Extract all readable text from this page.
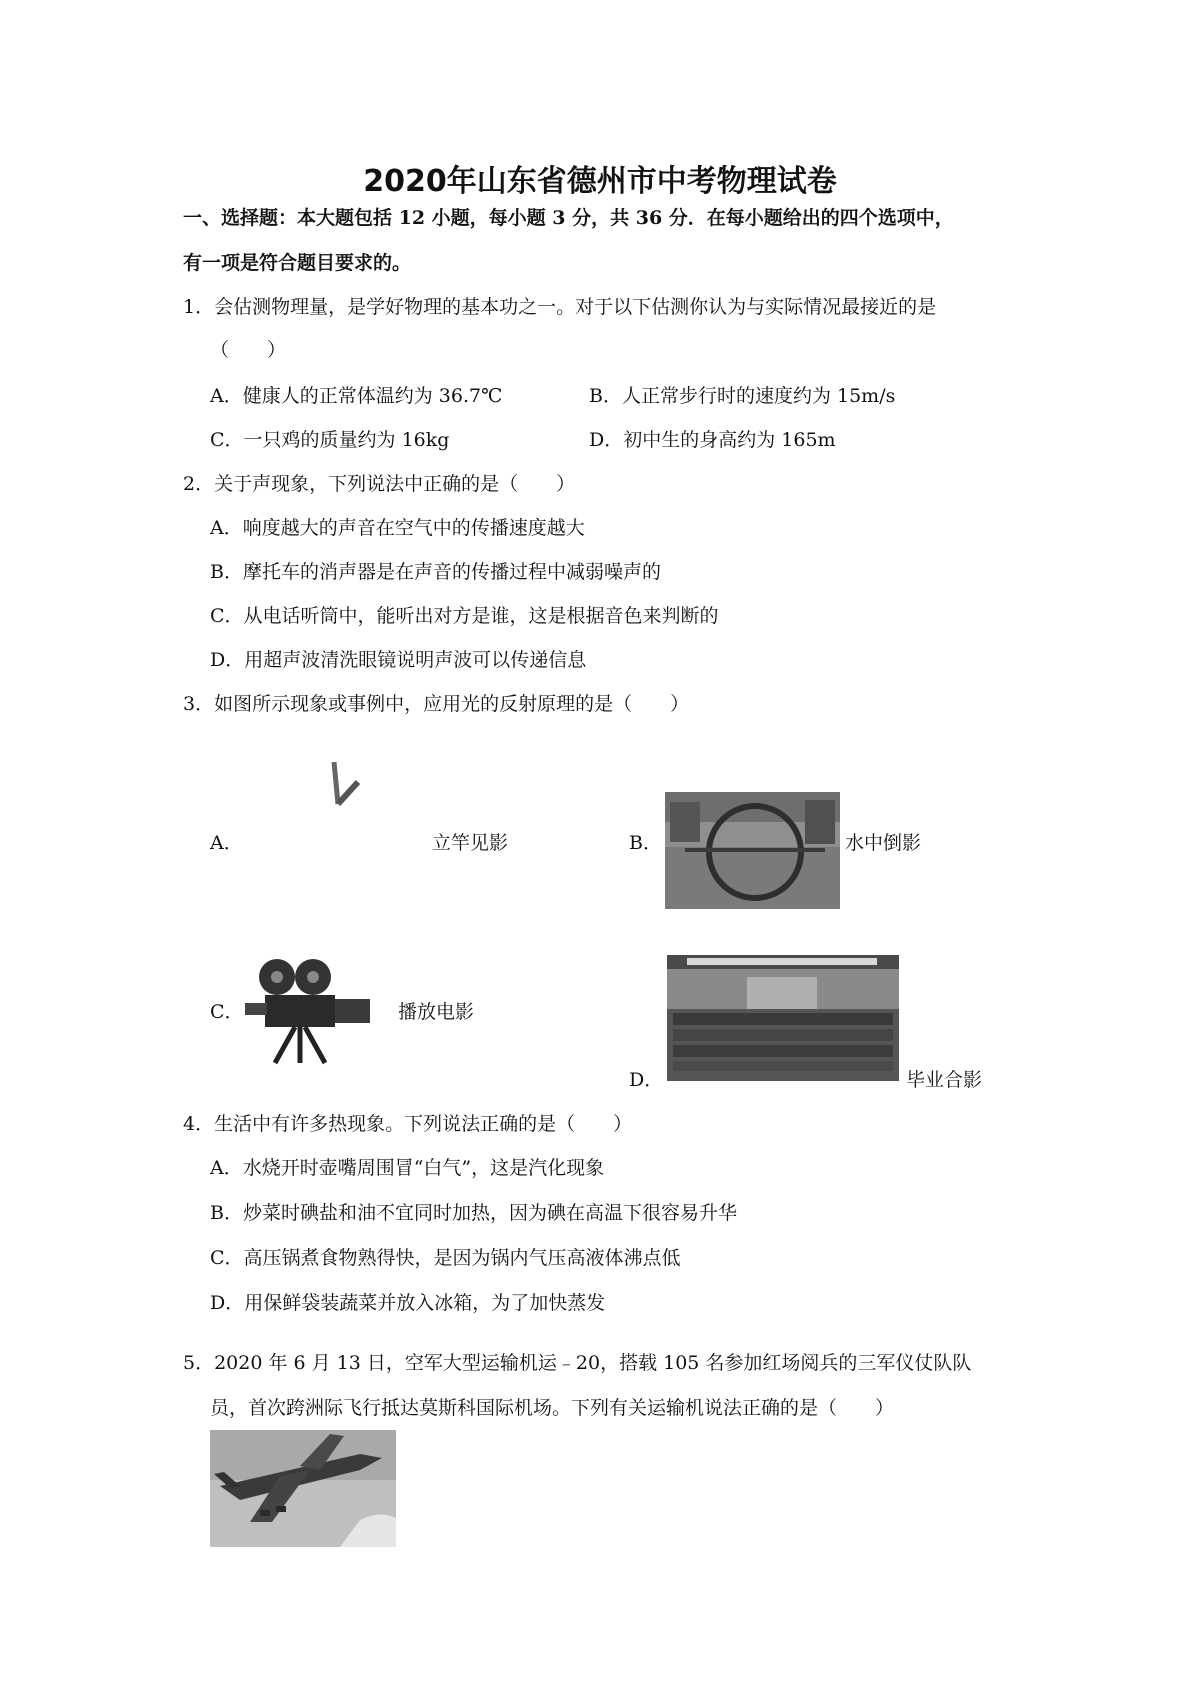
2020年山东省德州市中考物理试卷
一、选择题：本大题包括 12 小题，每小题 3 分，共 36 分．在每小题给出的四个选项中，
有一项是符合题目要求的。
1．会估测物理量，是学好物理的基本功之一。对于以下估测你认为与实际情况最接近的是
（　　）
A．健康人的正常体温约为 36.7℃	B．人正常步行时的速度约为 15m/s
C．一只鸡的质量约为 16kg	D．初中生的身高约为 165m
2．关于声现象，下列说法中正确的是（　　）
A．响度越大的声音在空气中的传播速度越大
B．摩托车的消声器是在声音的传播过程中减弱噪声的
C．从电话听筒中，能听出对方是谁，这是根据音色来判断的
D．用超声波清洗眼镜说明声波可以传递信息
3．如图所示现象或事例中，应用光的反射原理的是（　　）
A．	立竿见影	B．	水中倒影
C．	播放电影
D．	毕业合影
4．生活中有许多热现象。下列说法正确的是（　　）
A．水烧开时壶嘴周围冒“白气”，这是汽化现象
B．炒菜时碘盐和油不宜同时加热，因为碘在高温下很容易升华
C．高压锅煮食物熟得快，是因为锅内气压高液体沸点低
D．用保鲜袋装蔬菜并放入冰箱，为了加快蒸发
5．2020 年 6 月 13 日，空军大型运输机运﹣20，搭载 105 名参加红场阅兵的三军仪仗队队
员，首次跨洲际飞行抵达莫斯科国际机场。下列有关运输机说法正确的是（　　）
